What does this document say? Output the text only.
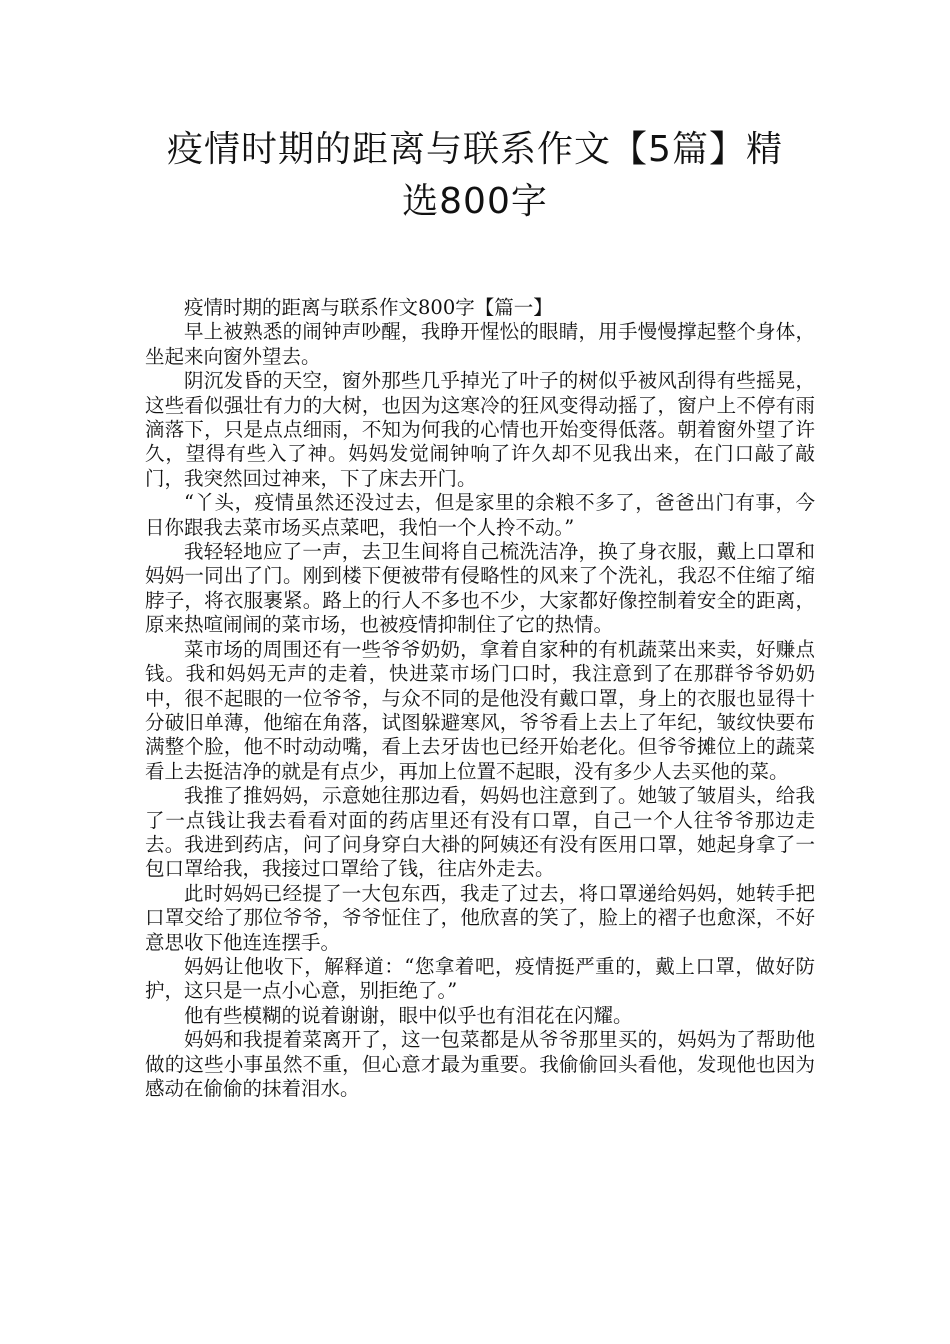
疫情时期的距离与联系作文【5篇】精
选800字

疫情时期的距离与联系作文800字【篇一】

早上被熟悉的闹钟声吵醒，我睁开惺忪的眼睛，用手慢慢撑起整个身体，坐起来向窗外望去。

阴沉发昏的天空，窗外那些几乎掉光了叶子的树似乎被风刮得有些摇晃，这些看似强壮有力的大树，也因为这寒冷的狂风变得动摇了，窗户上不停有雨滴落下，只是点点细雨，不知为何我的心情也开始变得低落。朝着窗外望了许久，望得有些入了神。妈妈发觉闹钟响了许久却不见我出来，在门口敲了敲门，我突然回过神来，下了床去开门。

“丫头，疫情虽然还没过去，但是家里的余粮不多了，爸爸出门有事，今日你跟我去菜市场买点菜吧，我怕一个人拎不动。”

我轻轻地应了一声，去卫生间将自己梳洗洁净，换了身衣服，戴上口罩和妈妈一同出了门。刚到楼下便被带有侵略性的风来了个洗礼，我忍不住缩了缩脖子，将衣服裹紧。路上的行人不多也不少，大家都好像控制着安全的距离，原来热喧闹闹的菜市场，也被疫情抑制住了它的热情。

菜市场的周围还有一些爷爷奶奶，拿着自家种的有机蔬菜出来卖，好赚点钱。我和妈妈无声的走着，快进菜市场门口时，我注意到了在那群爷爷奶奶中，很不起眼的一位爷爷，与众不同的是他没有戴口罩，身上的衣服也显得十分破旧单薄，他缩在角落，试图躲避寒风，爷爷看上去上了年纪，皱纹快要布满整个脸，他不时动动嘴，看上去牙齿也已经开始老化。但爷爷摊位上的蔬菜看上去挺洁净的就是有点少，再加上位置不起眼，没有多少人去买他的菜。

我推了推妈妈，示意她往那边看，妈妈也注意到了。她皱了皱眉头，给我了一点钱让我去看看对面的药店里还有没有口罩，自己一个人往爷爷那边走去。我进到药店，问了问身穿白大褂的阿姨还有没有医用口罩，她起身拿了一包口罩给我，我接过口罩给了钱，往店外走去。

此时妈妈已经提了一大包东西，我走了过去，将口罩递给妈妈，她转手把口罩交给了那位爷爷，爷爷怔住了，他欣喜的笑了，脸上的褶子也愈深，不好意思收下他连连摆手。

妈妈让他收下，解释道：“您拿着吧，疫情挺严重的，戴上口罩，做好防护，这只是一点小心意，别拒绝了。”

他有些模糊的说着谢谢，眼中似乎也有泪花在闪耀。

妈妈和我提着菜离开了，这一包菜都是从爷爷那里买的，妈妈为了帮助他做的这些小事虽然不重，但心意才最为重要。我偷偷回头看他，发现他也因为感动在偷偷的抹着泪水。
